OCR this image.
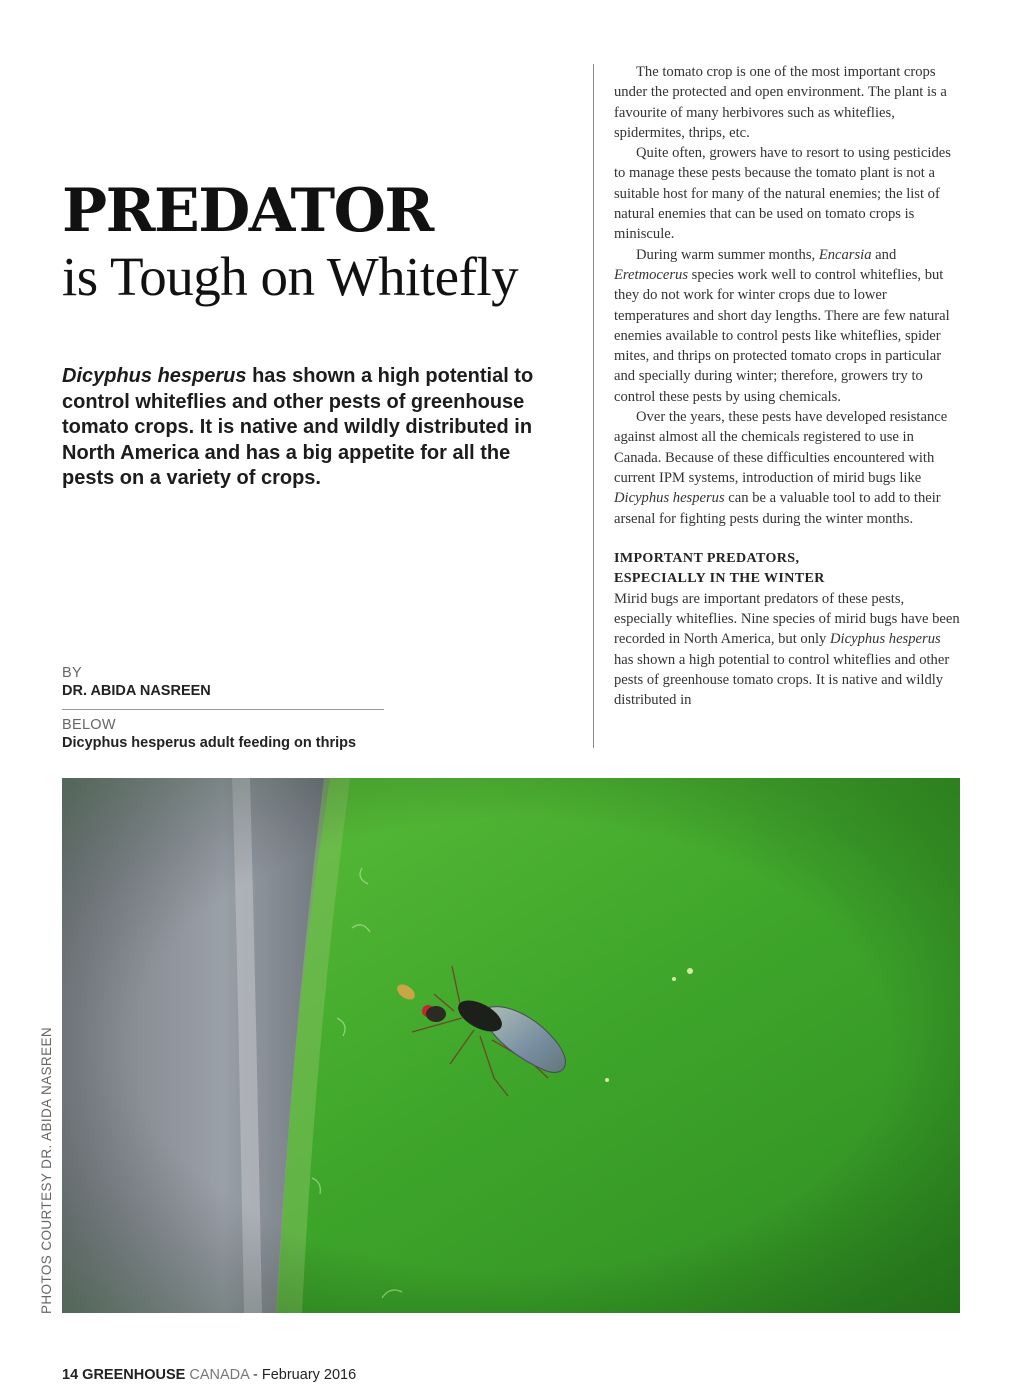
PREDATOR
is Tough on Whitefly
Dicyphus hesperus has shown a high potential to control whiteflies and other pests of greenhouse tomato crops. It is native and wildly distributed in North America and has a big appetite for all the pests on a variety of crops.
BY
DR. ABIDA NASREEN
BELOW
Dicyphus hesperus adult feeding on thrips

The tomato crop is one of the most important crops under the protected and open environment. The plant is a favourite of many herbivores such as whiteflies, spidermites, thrips, etc.

Quite often, growers have to resort to using pesticides to manage these pests because the tomato plant is not a suitable host for many of the natural enemies; the list of natural enemies that can be used on tomato crops is miniscule.

During warm summer months, Encarsia and Eretmocerus species work well to control whiteflies, but they do not work for winter crops due to lower temperatures and short day lengths. There are few natural enemies available to control pests like whiteflies, spider mites, and thrips on protected tomato crops in particular and specially during winter; therefore, growers try to control these pests by using chemicals.

Over the years, these pests have developed resistance against almost all the chemicals registered to use in Canada. Because of these difficulties encountered with current IPM systems, introduction of mirid bugs like Dicyphus hesperus can be a valuable tool to add to their arsenal for fighting pests during the winter months.

IMPORTANT PREDATORS,
ESPECIALLY IN THE WINTER

Mirid bugs are important predators of these pests, especially whiteflies. Nine species of mirid bugs have been recorded in North America, but only Dicyphus hesperus has shown a high potential to control whiteflies and other pests of greenhouse tomato crops. It is native and wildly distributed in

PHOTOS COURTESY DR. ABIDA NASREEN
14 GREENHOUSE CANADA - February 2016
